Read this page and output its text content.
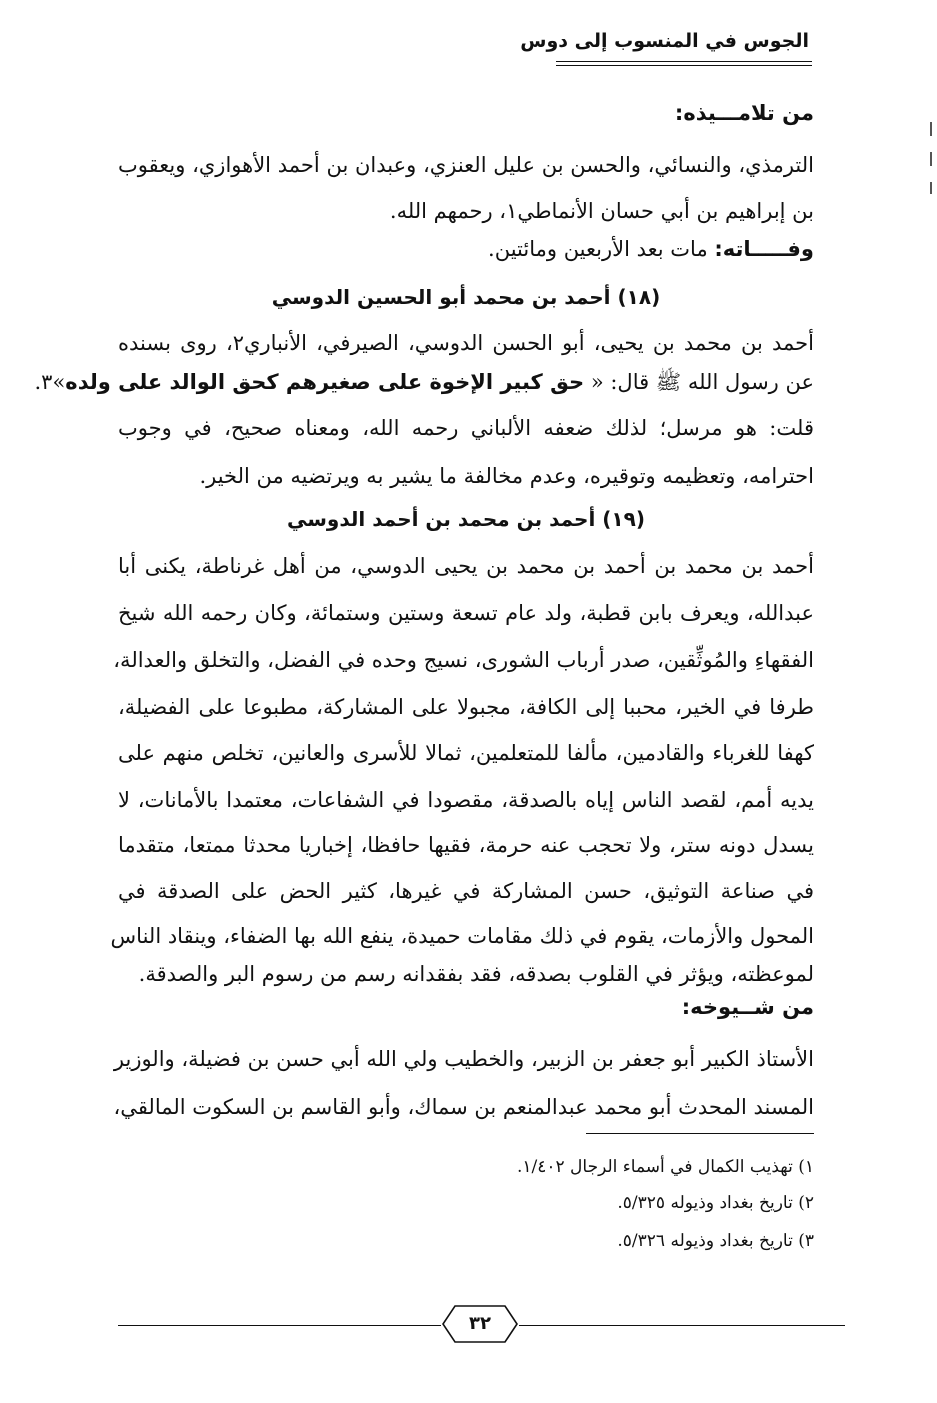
الجوس في المنسوب إلى دوس
من تلامـــيذه:
الترمذي، والنسائي، والحسن بن عليل العنزي، وعبدان بن أحمد الأهوازي، ويعقوب
بن إبراهيم بن أبي حسان الأنماطي١، رحمهم الله.
وفـــــاته: مات بعد الأربعين ومائتين.
(١٨) أحمد بن محمد أبو الحسين الدوسي
أحمد بن محمد بن يحيى، أبو الحسن الدوسي، الصيرفي، الأنباري٢، روى بسنده
عن رسول الله ﷺ قال: « حق كبير الإخوة على صغيرهم كحق الوالد على ولده»٣.
قلت: هو مرسل؛ لذلك ضعفه الألباني رحمه الله، ومعناه صحيح، في وجوب
احترامه، وتعظيمه وتوقيره، وعدم مخالفة ما يشير به ويرتضيه من الخير.
(١٩) أحمد بن محمد بن أحمد الدوسي
أحمد بن محمد بن أحمد بن محمد بن يحيى الدوسي، من أهل غرناطة، يكنى أبا
عبدالله، ويعرف بابن قطبة، ولد عام تسعة وستين وستمائة، وكان رحمه الله شيخ
الفقهاءِ والمُوثِّقين، صدر أرباب الشورى، نسيج وحده في الفضل، والتخلق والعدالة،
طرفا في الخير، محببا إلى الكافة، مجبولا على المشاركة، مطبوعا على الفضيلة،
كهفا للغرباء والقادمين، مألفا للمتعلمين، ثمالا للأسرى والعانين، تخلص منهم على
يديه أمم، لقصد الناس إياه بالصدقة، مقصودا في الشفاعات، معتمدا بالأمانات، لا
يسدل دونه ستر، ولا تحجب عنه حرمة، فقيها حافظا، إخباريا محدثا ممتعا، متقدما
في صناعة التوثيق، حسن المشاركة في غيرها، كثير الحض على الصدقة في
المحول والأزمات، يقوم في ذلك مقامات حميدة، ينفع الله بها الضفاء، وينقاد الناس
لموعظته، ويؤثر في القلوب بصدقه، فقد بفقدانه رسم من رسوم البر والصدقة.
من شــيوخه:
الأستاذ الكبير أبو جعفر بن الزبير، والخطيب ولي الله أبي حسن بن فضيلة، والوزير
المسند المحدث أبو محمد عبدالمنعم بن سماك، وأبو القاسم بن السكوت المالقي،
١) تهذيب الكمال في أسماء الرجال ١/٤٠٢.
٢) تاريخ بغداد وذيوله ٥/٣٢٥.
٣) تاريخ بغداد وذيوله ٥/٣٢٦.
٣٢
